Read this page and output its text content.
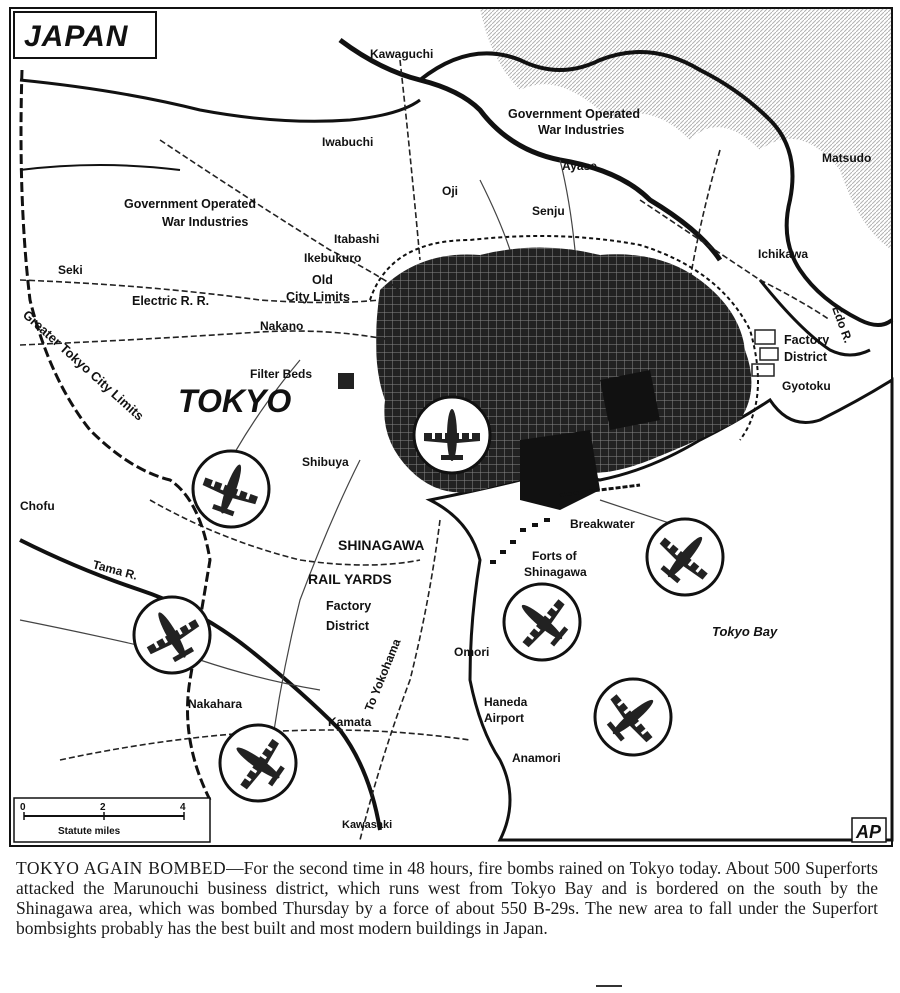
JAPAN
Kawaguchi
Government Operated War Industries
Iwabuchi
Oji
Ayase
Senju
Matsudo
Government Operated War Industries
Itabashi
Ikebukuro	Ichikawa
Seki
Electric R. R.
Old City Limits
Edo R.
Nakano
Factory District
Gyotoku
Filter Beds
TOKYO
Greater Tokyo City Limits
Shibuya
Chofu
Breakwater
SHINAGAWA
Forts of Shinagawa
RAIL YARDS
Tama R.
Factory District	Tokyo Bay
Omori
To Yokohama	Haneda Airport
Nakahara
Kamata
Anamori
Kawasaki
0	2	4
Statute miles	AP

TOKYO AGAIN BOMBED—For the second time in 48 hours, fire bombs rained on Tokyo today. About 500 Superforts attacked the Marunouchi business district, which runs west from Tokyo Bay and is bordered on the south by the Shinagawa area, which was bombed Thursday by a force of about 550 B-29s. The new area to fall under the Superfort bombsights probably has the best built and most modern buildings in Japan.
